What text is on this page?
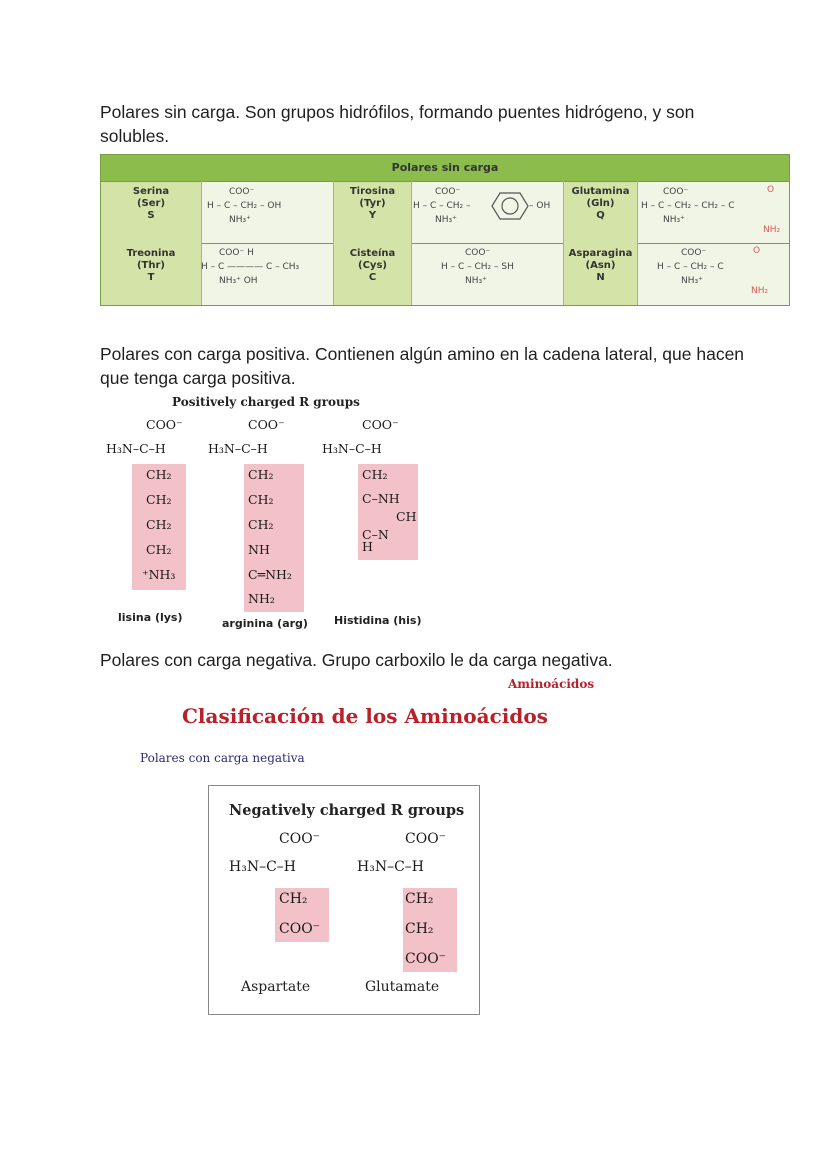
Polares sin carga. Son grupos hidrófilos, formando puentes hidrógeno, y son solubles.
Polares sin carga
Serina
(Ser)
S
COO⁻
H – C – CH₂ – OH
NH₃⁺
Tirosina
(Tyr)
Y
COO⁻
H – C – CH₂ –	– OH
NH₃⁺
Glutamina
(Gln)
Q
COO⁻
H – C – CH₂ – CH₂ – C
O
NH₂
NH₃⁺
Treonina
(Thr)
T
COO⁻ H
H – C ———— C – CH₃
NH₃⁺ OH
Cisteína
(Cys)
C
COO⁻
H – C – CH₂ – SH
NH₃⁺
Asparagina
(Asn)
N
COO⁻
H – C – CH₂ – C
O
NH₂
NH₃⁺
Polares con carga positiva. Contienen algún amino en la cadena lateral, que hacen que tenga carga positiva.
Positively charged R groups
COO⁻
H₃N–C–H
CH₂
CH₂
CH₂
CH₂
⁺NH₃
lisina (lys)
COO⁻
H₃N–C–H
CH₂
CH₂
CH₂
NH
C═NH₂
NH₂
arginina (arg)
COO⁻
H₃N–C–H
CH₂
C–NH
CH
C–N
H
Histidina (his)
Polares con carga negativa. Grupo carboxilo le da carga negativa.
Aminoácidos
Clasificación de los Aminoácidos
Polares con carga negativa
Negatively charged R groups
COO⁻
H₃N–C–H
CH₂
COO⁻
COO⁻
H₃N–C–H
CH₂
CH₂
COO⁻
Aspartate	Glutamate
